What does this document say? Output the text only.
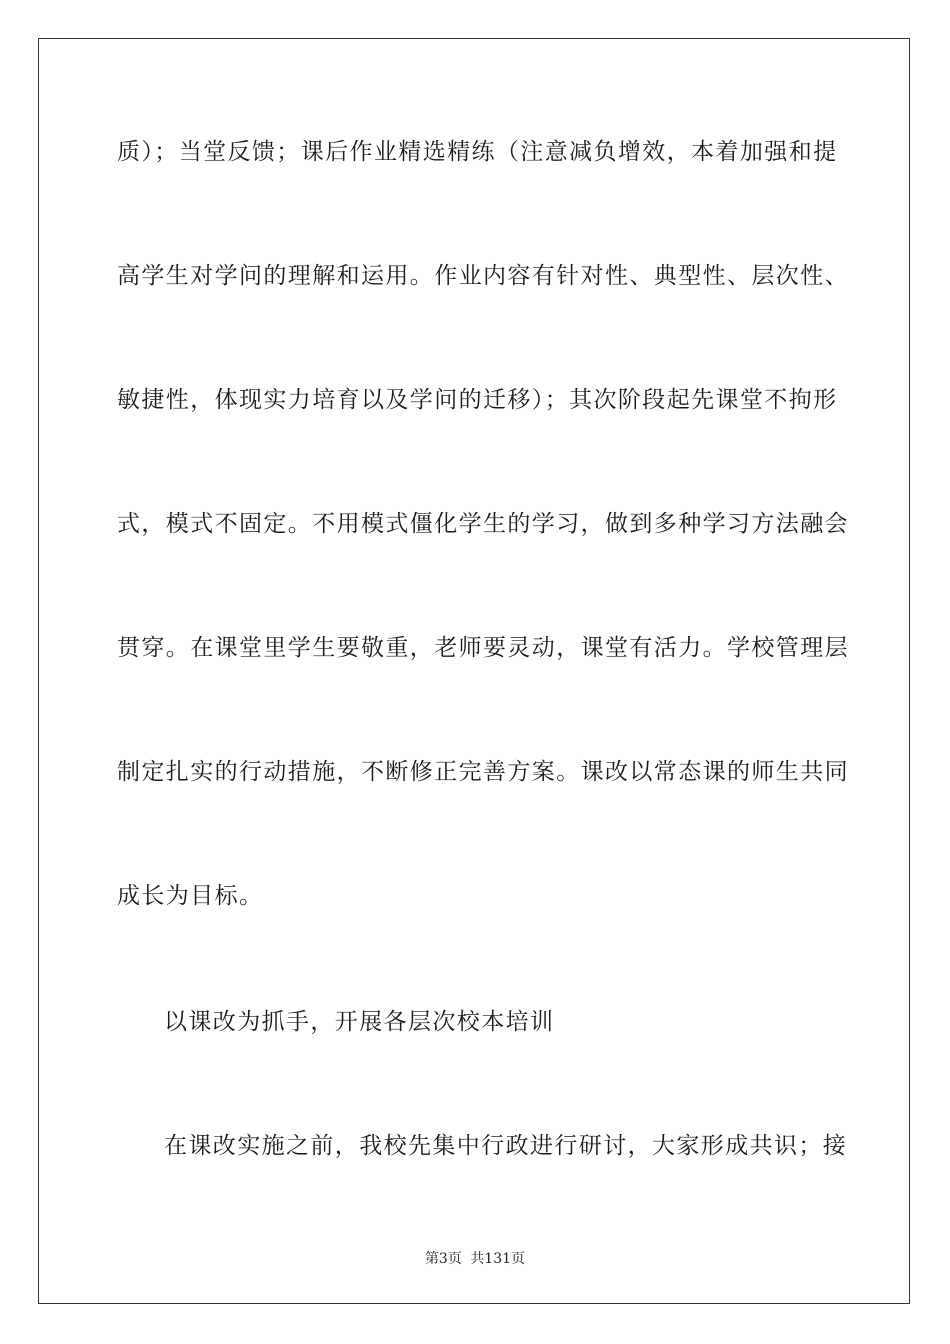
质）；当堂反馈；课后作业精选精练（注意减负增效，本着加强和提
高学生对学问的理解和运用。作业内容有针对性、典型性、层次性、
敏捷性，体现实力培育以及学问的迁移）；其次阶段起先课堂不拘形
式，模式不固定。不用模式僵化学生的学习，做到多种学习方法融会
贯穿。在课堂里学生要敬重，老师要灵动，课堂有活力。学校管理层
制定扎实的行动措施，不断修正完善方案。课改以常态课的师生共同
成长为目标。
以课改为抓手，开展各层次校本培训
在课改实施之前，我校先集中行政进行研讨，大家形成共识；接
第3页 共131页
